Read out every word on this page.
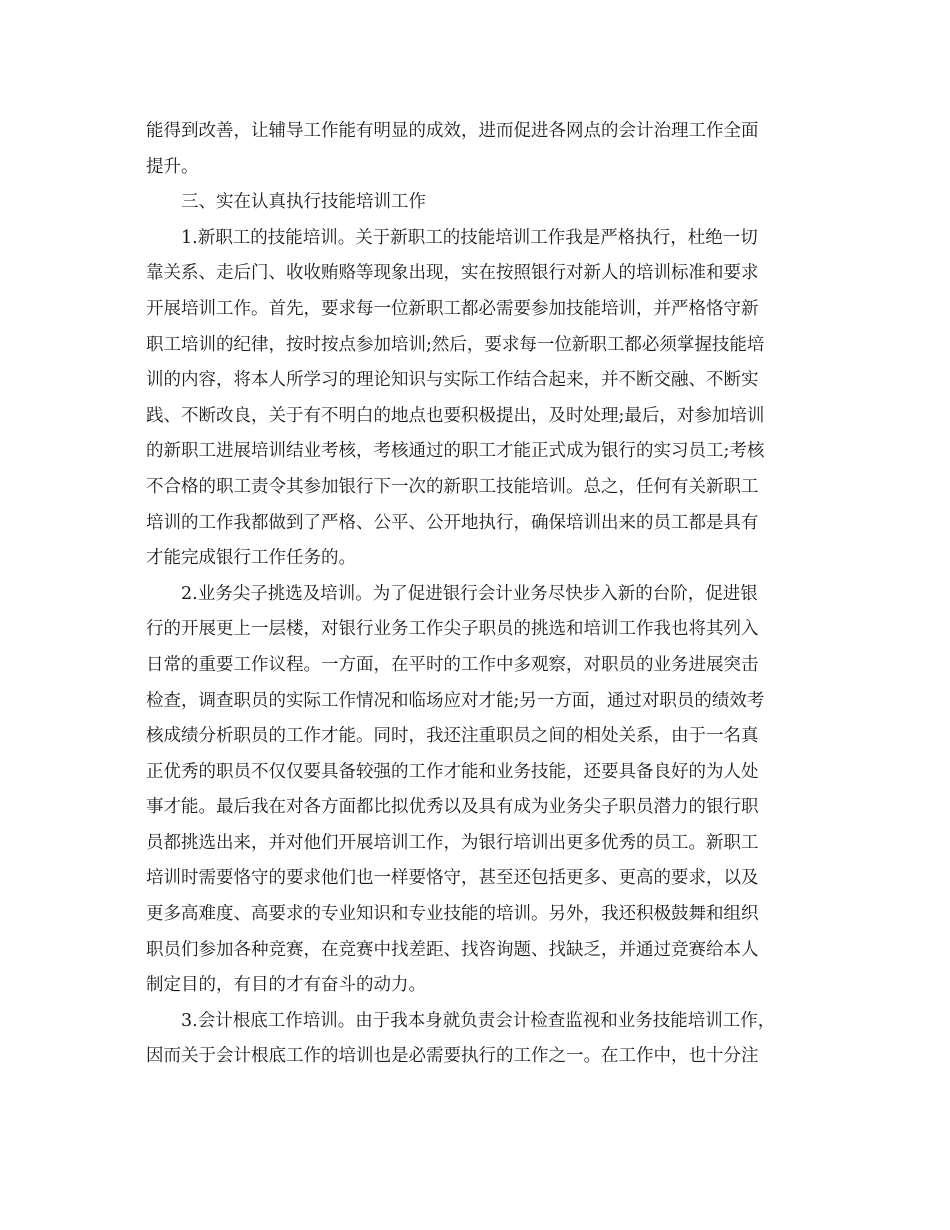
能得到改善，让辅导工作能有明显的成效，进而促进各网点的会计治理工作全面
提升。
三、实在认真执行技能培训工作
1.新职工的技能培训。关于新职工的技能培训工作我是严格执行，杜绝一切
靠关系、走后门、收收贿赂等现象出现，实在按照银行对新人的培训标准和要求
开展培训工作。首先，要求每一位新职工都必需要参加技能培训，并严格恪守新
职工培训的纪律，按时按点参加培训;然后，要求每一位新职工都必须掌握技能培
训的内容，将本人所学习的理论知识与实际工作结合起来，并不断交融、不断实
践、不断改良，关于有不明白的地点也要积极提出，及时处理;最后，对参加培训
的新职工进展培训结业考核，考核通过的职工才能正式成为银行的实习员工;考核
不合格的职工责令其参加银行下一次的新职工技能培训。总之，任何有关新职工
培训的工作我都做到了严格、公平、公开地执行，确保培训出来的员工都是具有
才能完成银行工作任务的。
2.业务尖子挑选及培训。为了促进银行会计业务尽快步入新的台阶，促进银
行的开展更上一层楼，对银行业务工作尖子职员的挑选和培训工作我也将其列入
日常的重要工作议程。一方面，在平时的工作中多观察，对职员的业务进展突击
检查，调查职员的实际工作情况和临场应对才能;另一方面，通过对职员的绩效考
核成绩分析职员的工作才能。同时，我还注重职员之间的相处关系，由于一名真
正优秀的职员不仅仅要具备较强的工作才能和业务技能，还要具备良好的为人处
事才能。最后我在对各方面都比拟优秀以及具有成为业务尖子职员潜力的银行职
员都挑选出来，并对他们开展培训工作，为银行培训出更多优秀的员工。新职工
培训时需要恪守的要求他们也一样要恪守，甚至还包括更多、更高的要求，以及
更多高难度、高要求的专业知识和专业技能的培训。另外，我还积极鼓舞和组织
职员们参加各种竞赛，在竞赛中找差距、找咨询题、找缺乏，并通过竞赛给本人
制定目的，有目的才有奋斗的动力。
3.会计根底工作培训。由于我本身就负责会计检查监视和业务技能培训工作，
因而关于会计根底工作的培训也是必需要执行的工作之一。在工作中，也十分注
